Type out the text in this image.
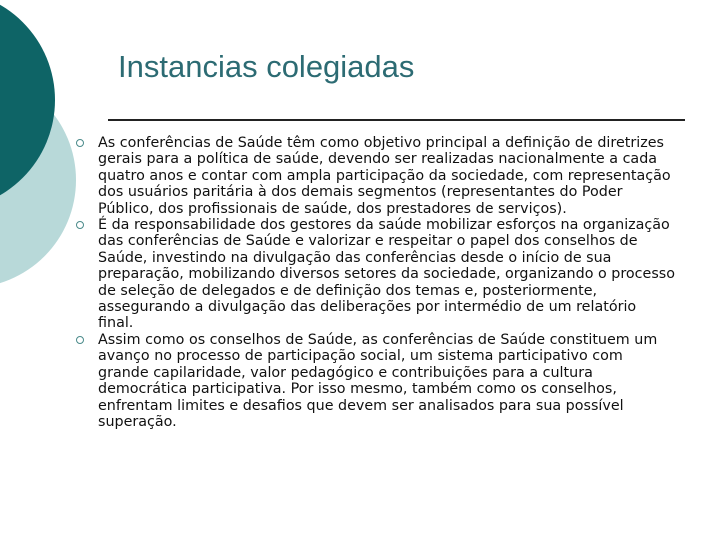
Instancias colegiadas
As conferências de Saúde têm como objetivo principal a definição de diretrizes gerais para a política de saúde, devendo ser realizadas nacionalmente a cada quatro anos e contar com ampla participação da sociedade, com representação dos usuários paritária à dos demais segmentos (representantes do Poder Público, dos profissionais de saúde, dos prestadores de serviços).
É da responsabilidade dos gestores da saúde mobilizar esforços na organização das conferências de Saúde e valorizar e respeitar o papel dos conselhos de Saúde, investindo na divulgação das conferências desde o início de sua preparação, mobilizando diversos setores da sociedade, organizando o processo de seleção de delegados e de definição dos temas e, posteriormente, assegurando a divulgação das deliberações por intermédio de um relatório final.
Assim como os conselhos de Saúde, as conferências de Saúde constituem um avanço no processo de participação social, um sistema participativo com grande capilaridade, valor pedagógico e contribuições para a cultura democrática participativa. Por isso mesmo, também como os conselhos, enfrentam limites e desafios que devem ser analisados para sua possível superação.
